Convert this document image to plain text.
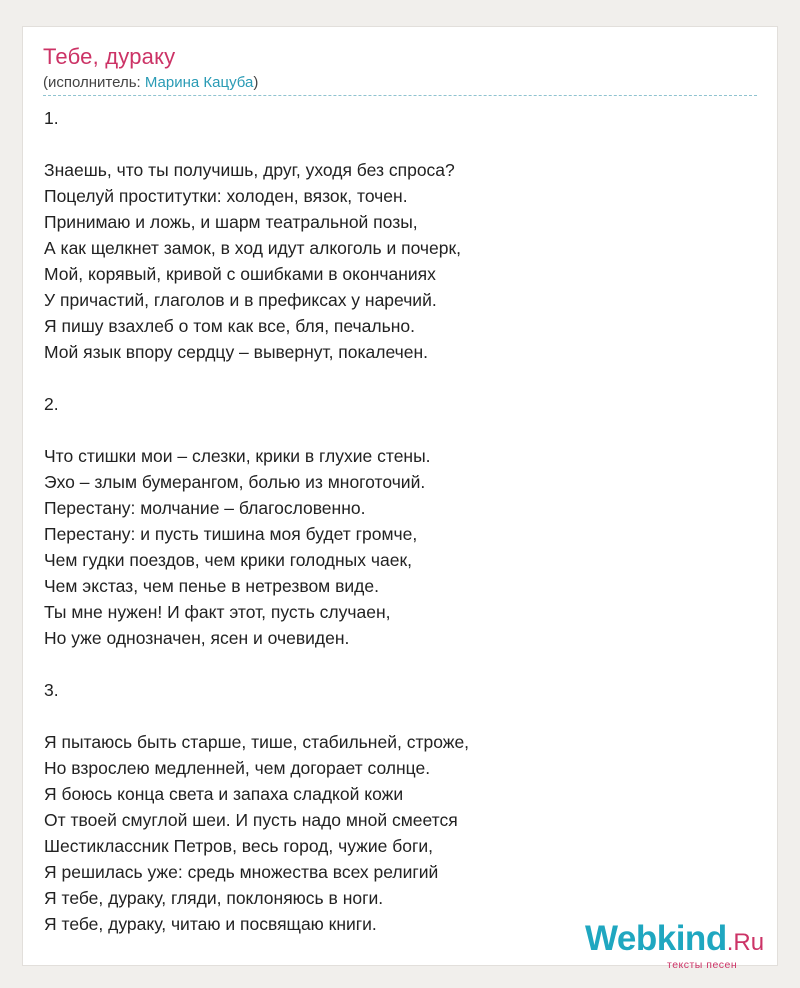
Тебе, дураку
(исполнитель: Марина Кацуба)
1.
Знаешь, что ты получишь, друг, уходя без спроса?
Поцелуй проститутки: холоден, вязок, точен.
Принимаю и ложь, и шарм театральной позы,
А как щелкнет замок, в ход идут алкоголь и почерк,
Мой, корявый, кривой с ошибками в окончаниях
У причастий, глаголов и в префиксах у наречий.
Я пишу взахлеб о том как все, бля, печально.
Мой язык впору сердцу – вывернут, покалечен.
2.
Что стишки мои – слезки, крики в глухие стены.
Эхо – злым бумерангом, болью из многоточий.
Перестану: молчание – благословенно.
Перестану: и пусть тишина моя будет громче,
Чем гудки поездов, чем крики голодных чаек,
Чем экстаз, чем пенье в нетрезвом виде.
Ты мне нужен! И факт этот, пусть случаен,
Но уже однозначен, ясен и очевиден.
3.
Я пытаюсь быть старше, тише, стабильней, строже,
Но взрослею медленней, чем догорает солнце.
Я боюсь конца света и запаха сладкой кожи
От твоей смуглой шеи. И пусть надо мной смеется
Шестиклассник Петров, весь город, чужие боги,
Я решилась уже: средь множества всех религий
Я тебе, дураку, гляди, поклоняюсь в ноги.
Я тебе, дураку, читаю и посвящаю книги.	Webkind.Ru
тексты песен
